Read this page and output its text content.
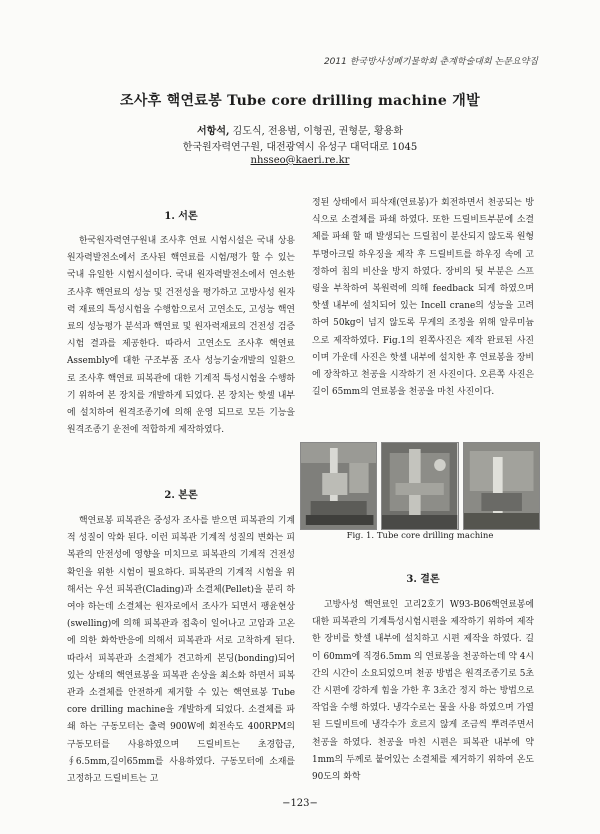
2011 한국방사성폐기물학회 춘계학술대회 논문요약집
조사후 핵연료봉 Tube core drilling machine 개발
서항석, 김도식, 전용범, 이형권, 권형문, 황용화
한국원자력연구원, 대전광역시 유성구 대덕대로 1045
nhsseo@kaeri.re.kr
1. 서론

한국원자력연구원내 조사후 연료 시험시설은 국내 상용원자력발전소에서 조사된 핵연료를 시험/평가 할 수 있는 국내 유일한 시험시설이다. 국내 원자력발전소에서 연소한 조사후 핵연료의 성능 및 건전성을 평가하고 고방사성 원자력 재료의 특성시험을 수행함으로서 고연소도, 고성능 핵연료의 성능평가 분석과 핵연료 및 원자력재료의 건전성 검증시험 결과를 제공한다. 따라서 고연소도 조사후 핵연료 Assembly에 대한 구조부품 조사 성능기술개발의 일환으로 조사후 핵연료 피복관에 대한 기계적 특성시험을 수행하기 위하여 본 장치를 개발하게 되었다. 본 장치는 핫셀 내부에 설치하여 원격조종기에 의해 운영 되므로 모든 기능을 원격조종기 운전에 적합하게 제작하였다.

2. 본론

핵연료봉 피복관은 중성자 조사를 받으면 피복관의 기계적 성질이 악화 된다. 이런 피복관 기계적 성질의 변화는 피복관의 안전성에 영향을 미치므로 피복관의 기계적 건전성 확인을 위한 시험이 필요하다. 피복관의 기계적 시험을 위해서는 우선 피복관(Clading)과 소결체(Pellet)을 분리 하여야 하는데 소결체는 원자로에서 조사가 되면서 팽윤현상(swelling)에 의해 피복관과 접촉이 일어나고 고압과 고온에 의한 화학반응에 의해서 피복관과 서로 고착하게 된다. 따라서 피복관과 소결체가 견고하게 본딩(bonding)되어 있는 상태의 핵연료봉을 피복관 손상을 최소화 하면서 피복관과 소결체를 안전하게 제거할 수 있는 핵연료봉 Tube core drilling machine을 개발하게 되었다. 소결체를 파쇄 하는 구동모터는 출력 900W에 회전속도 400RPM의 구동모터를 사용하였으며 드릴비트는 초경합금, ∮6.5mm,길이65mm를 사용하였다. 구동모터에 소재를 고정하고 드릴비트는 고

정된 상태에서 피삭재(연료봉)가 회전하면서 천공되는 방식으로 소결체를 파쇄 하였다. 또한 드릴비트부분에 소결체를 파쇄 할 때 발생되는 드릴칩이 분산되지 않도록 원형 투명아크릴 하우징을 제작 후 드릴비트를 하우징 속에 고정하여 칩의 비산을 방지 하였다. 장비의 뒷 부분은 스프링을 부착하여 복원력에 의해 feedback 되게 하였으며 핫셀 내부에 설치되어 있는 Incell crane의 성능을 고려하여 50kg이 넘지 않도록 무게의 조정을 위해 알루미늄으로 제작하였다. Fig.1의 왼쪽사진은 제작 완료된 사진이며 가운데 사진은 핫셀 내부에 설치한 후 연료봉을 장비에 장착하고 천공을 시작하기 전 사진이다. 오른쪽 사진은 길이 65mm의 연료봉을 천공을 마친 사진이다.

Fig. 1. Tube core drilling machine
3. 결론

고방사성 핵연료인 고리2호기 W93-B06핵연료봉에 대한 피복관의 기계특성시험시편을 제작하기 위하여 제작한 장비를 핫셀 내부에 설치하고 시편 제작을 하였다. 길이 60mm에 직경6.5mm 의 연료봉을 천공하는데 약 4시간의 시간이 소요되었으며 천공 방법은 원격조종기로 5초간 시편에 강하게 힘을 가한 후 3초간 정지 하는 방법으로 작업을 수행 하였다. 냉각수로는 물을 사용 하였으며 가열된 드릴비트에 냉각수가 흐르지 않게 조금씩 뿌려주면서 천공을 하였다. 천공을 마친 시편은 피복관 내부에 약 1mm의 두께로 붙어있는 소결체를 제거하기 위하여 온도 90도의 화학

−123−
